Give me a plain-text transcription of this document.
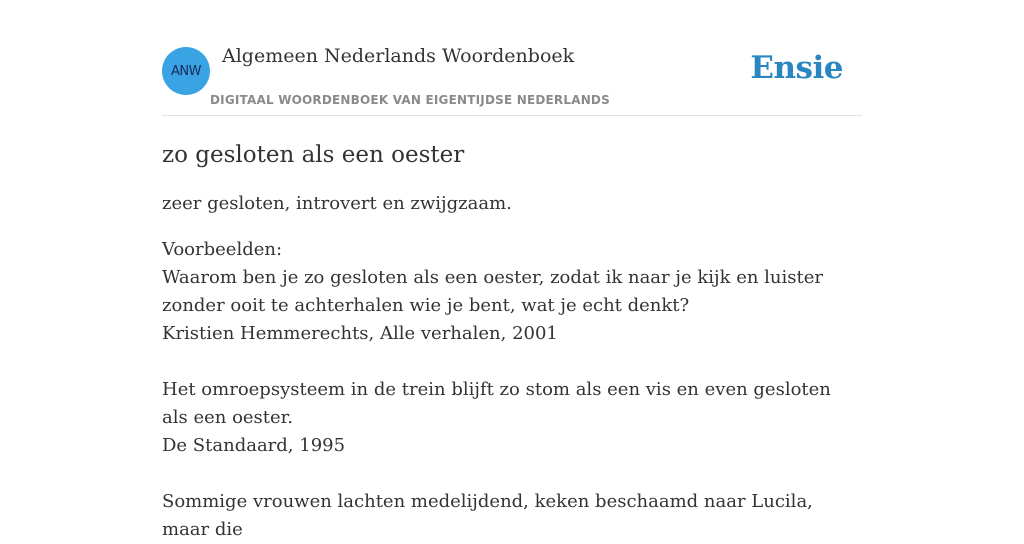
ANW
Algemeen Nederlands Woordenboek
DIGITAAL WOORDENBOEK VAN EIGENTIJDSE NEDERLANDS
Ensie
zo gesloten als een oester
zeer gesloten, introvert en zwijgzaam.
Voorbeelden:
Waarom ben je zo gesloten als een oester, zodat ik naar je kijk en luister zonder ooit te achterhalen wie je bent, wat je echt denkt?
Kristien Hemmerechts, Alle verhalen, 2001
Het omroepsysteem in de trein blijft zo stom als een vis en even gesloten als een oester.
De Standaard, 1995
Sommige vrouwen lachten medelijdend, keken beschaamd naar Lucila, maar die
